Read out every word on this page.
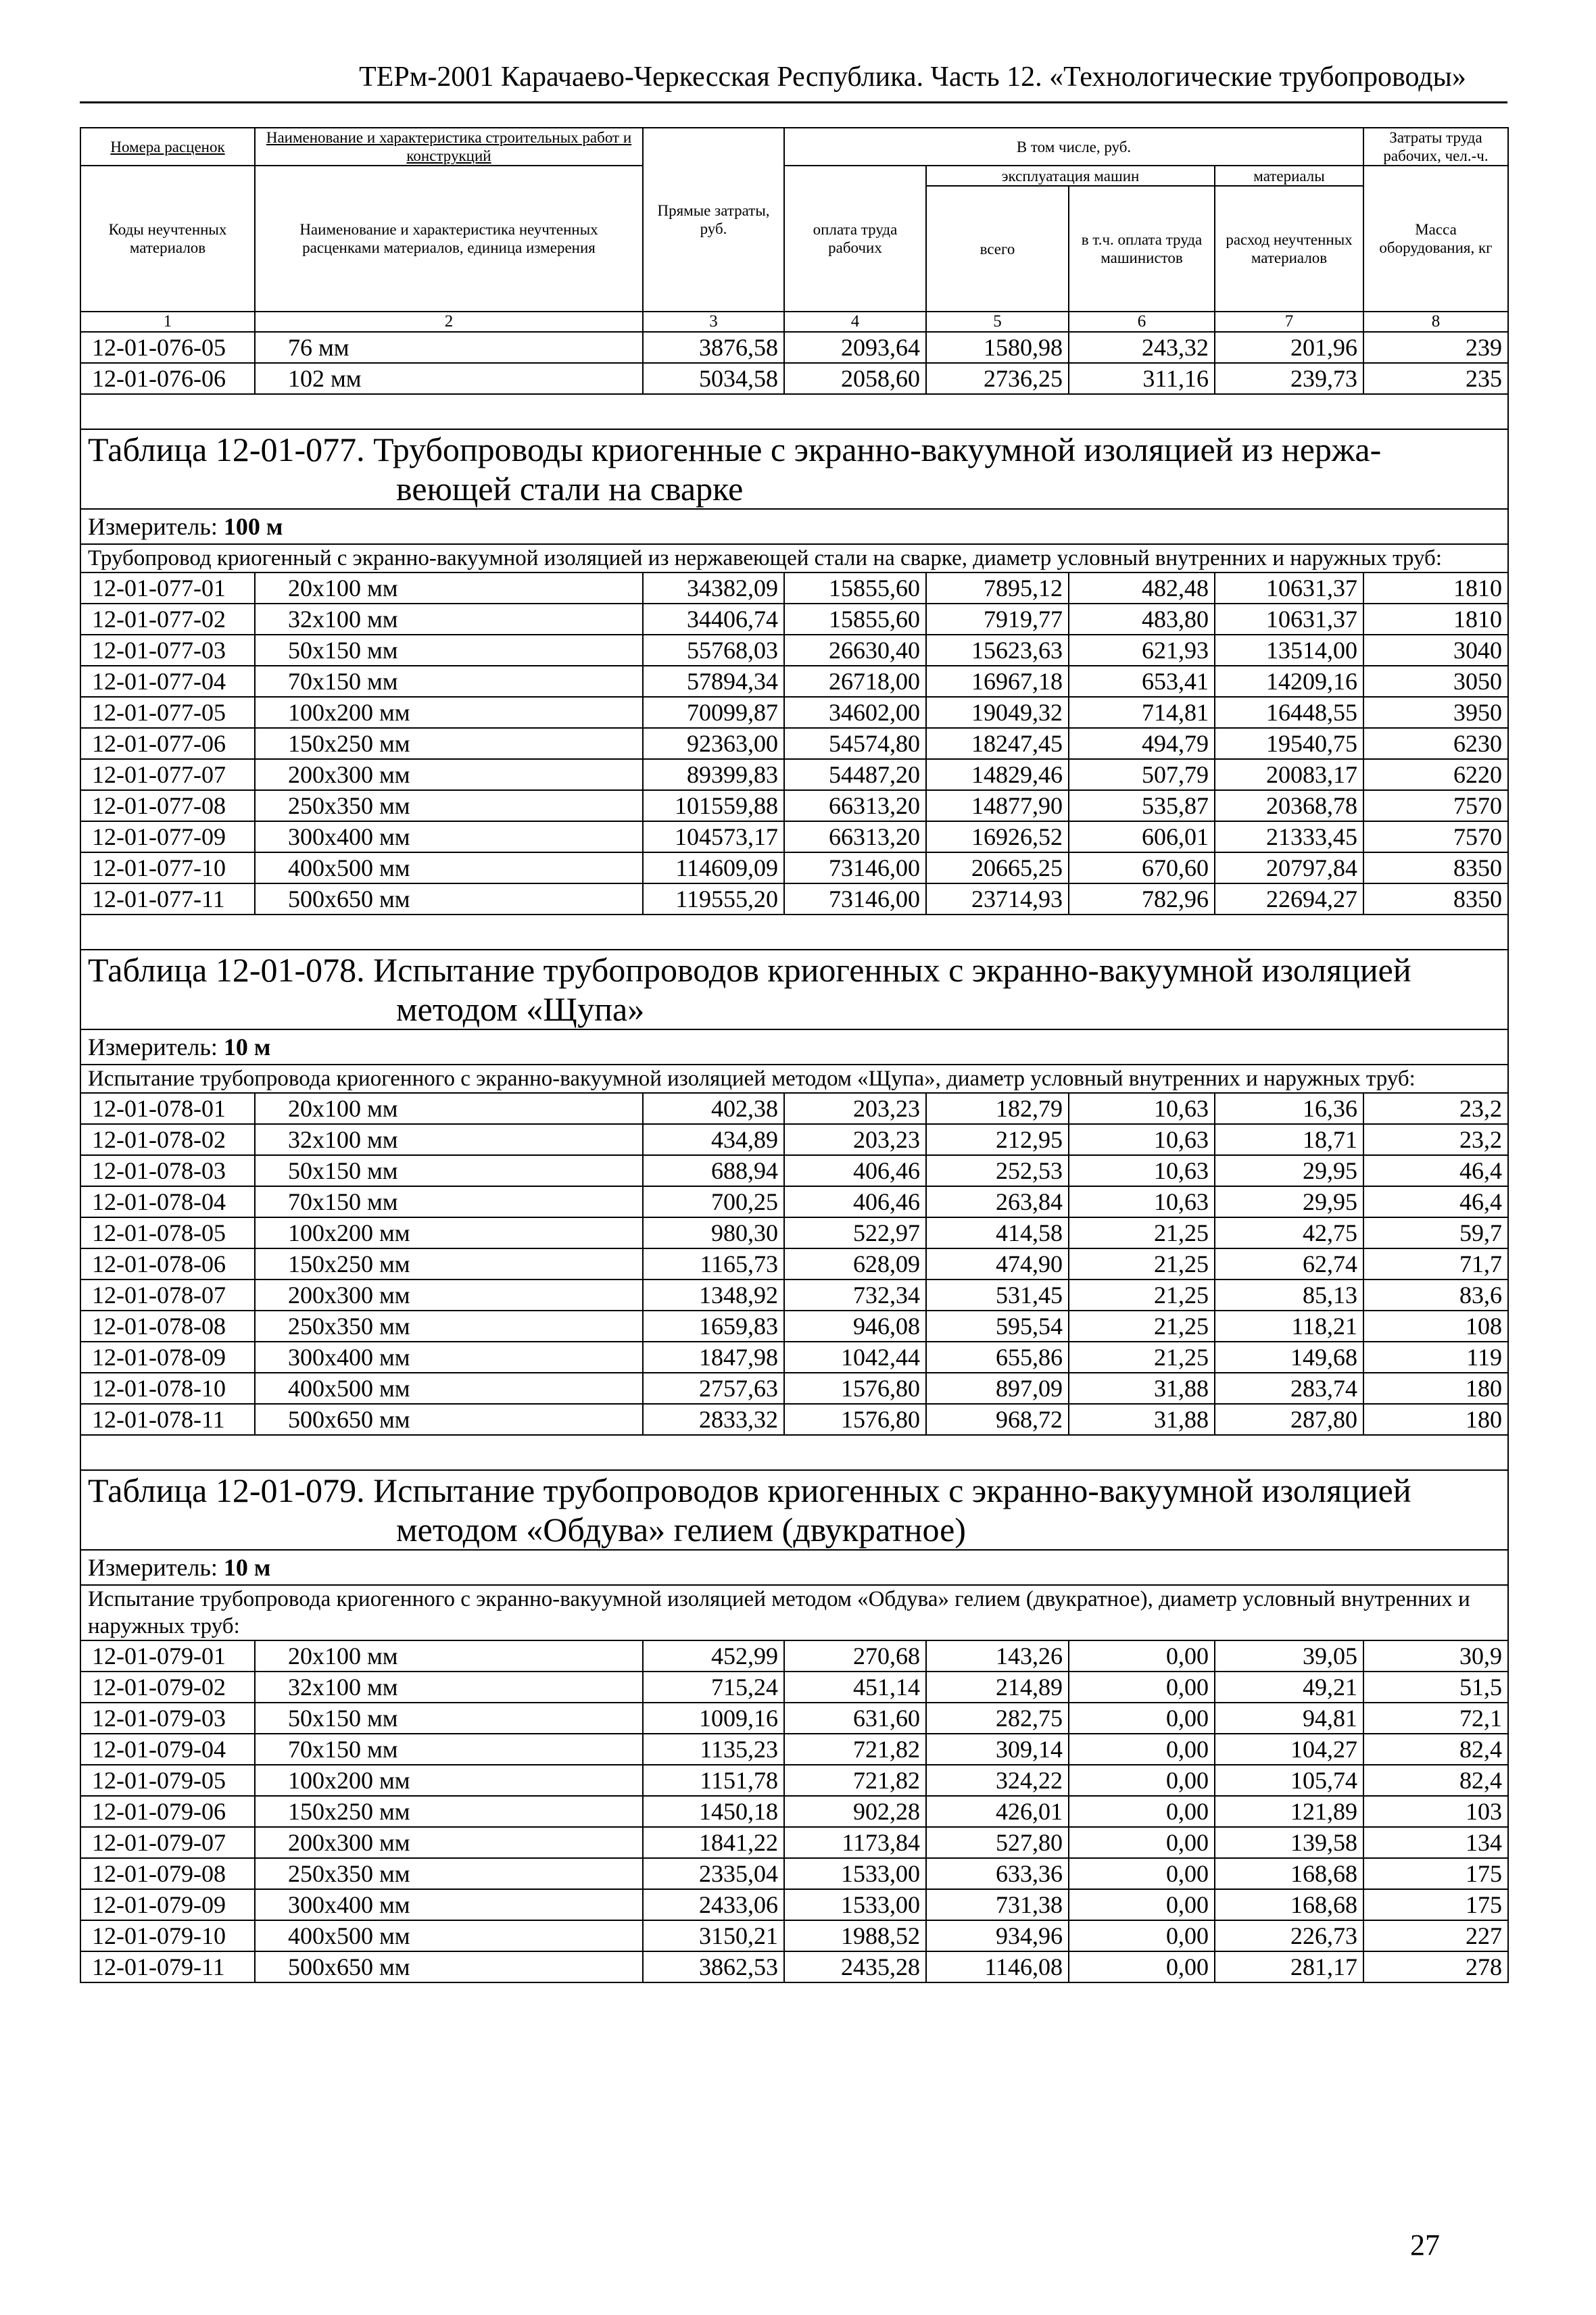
ТЕРм-2001 Карачаево-Черкесская Республика. Часть 12. «Технологические трубопроводы»
Номера расценок	Наименование и характеристика строительных работ и конструкций	Прямые затраты, руб.	В том числе, руб.				Затраты труда рабочих, чел.-ч.
Коды неучтенных материалов	Наименование и характеристика неучтенных расценками материалов, единица измерения		оплата труда рабочих	эксплуатация машин		материалы	Масса оборудования, кг
				всего	в т.ч. оплата труда машинистов	расход неучтенных материалов	

1	2	3	4	5	6	7	8
12-01-076-05	76 мм	3876,58	2093,64	1580,98	243,32	201,96	239
12-01-076-06	102 мм	5034,58	2058,60	2736,25	311,16	239,73	235

Таблица 12-01-077. Трубопроводы криогенные с экранно-вакуумной изоляцией из нержа-
веющей стали на сварке							

Измеритель: 100 м							
Трубопровод криогенный с экранно-вакуумной изоляцией из нержавеющей стали на сварке, диаметр условный внутренних и наружных труб:							
12-01-077-01	20х100 мм	34382,09	15855,60	7895,12	482,48	10631,37	1810
12-01-077-02	32х100 мм	34406,74	15855,60	7919,77	483,80	10631,37	1810
12-01-077-03	50х150 мм	55768,03	26630,40	15623,63	621,93	13514,00	3040
12-01-077-04	70х150 мм	57894,34	26718,00	16967,18	653,41	14209,16	3050
12-01-077-05	100х200 мм	70099,87	34602,00	19049,32	714,81	16448,55	3950
12-01-077-06	150х250 мм	92363,00	54574,80	18247,45	494,79	19540,75	6230
12-01-077-07	200х300 мм	89399,83	54487,20	14829,46	507,79	20083,17	6220
12-01-077-08	250х350 мм	101559,88	66313,20	14877,90	535,87	20368,78	7570
12-01-077-09	300х400 мм	104573,17	66313,20	16926,52	606,01	21333,45	7570
12-01-077-10	400х500 мм	114609,09	73146,00	20665,25	670,60	20797,84	8350
12-01-077-11	500х650 мм	119555,20	73146,00	23714,93	782,96	22694,27	8350

Таблица 12-01-078. Испытание трубопроводов криогенных с экранно-вакуумной изоляцией
методом «Щупа»							

Измеритель: 10 м							
Испытание трубопровода криогенного с экранно-вакуумной изоляцией методом «Щупа», диаметр условный внутренних и наружных труб:							
12-01-078-01	20х100 мм	402,38	203,23	182,79	10,63	16,36	23,2
12-01-078-02	32х100 мм	434,89	203,23	212,95	10,63	18,71	23,2
12-01-078-03	50х150 мм	688,94	406,46	252,53	10,63	29,95	46,4
12-01-078-04	70х150 мм	700,25	406,46	263,84	10,63	29,95	46,4
12-01-078-05	100х200 мм	980,30	522,97	414,58	21,25	42,75	59,7
12-01-078-06	150х250 мм	1165,73	628,09	474,90	21,25	62,74	71,7
12-01-078-07	200х300 мм	1348,92	732,34	531,45	21,25	85,13	83,6
12-01-078-08	250х350 мм	1659,83	946,08	595,54	21,25	118,21	108
12-01-078-09	300х400 мм	1847,98	1042,44	655,86	21,25	149,68	119
12-01-078-10	400х500 мм	2757,63	1576,80	897,09	31,88	283,74	180
12-01-078-11	500х650 мм	2833,32	1576,80	968,72	31,88	287,80	180

Таблица 12-01-079. Испытание трубопроводов криогенных с экранно-вакуумной изоляцией
методом «Обдува» гелием (двукратное)							

Измеритель: 10 м							
Испытание трубопровода криогенного с экранно-вакуумной изоляцией методом «Обдува» гелием (двукратное), диаметр условный внутренних и наружных труб:							
12-01-079-01	20х100 мм	452,99	270,68	143,26	0,00	39,05	30,9
12-01-079-02	32х100 мм	715,24	451,14	214,89	0,00	49,21	51,5
12-01-079-03	50х150 мм	1009,16	631,60	282,75	0,00	94,81	72,1
12-01-079-04	70х150 мм	1135,23	721,82	309,14	0,00	104,27	82,4
12-01-079-05	100х200 мм	1151,78	721,82	324,22	0,00	105,74	82,4
12-01-079-06	150х250 мм	1450,18	902,28	426,01	0,00	121,89	103
12-01-079-07	200х300 мм	1841,22	1173,84	527,80	0,00	139,58	134
12-01-079-08	250х350 мм	2335,04	1533,00	633,36	0,00	168,68	175
12-01-079-09	300х400 мм	2433,06	1533,00	731,38	0,00	168,68	175
12-01-079-10	400х500 мм	3150,21	1988,52	934,96	0,00	226,73	227
12-01-079-11	500х650 мм	3862,53	2435,28	1146,08	0,00	281,17	278
27
